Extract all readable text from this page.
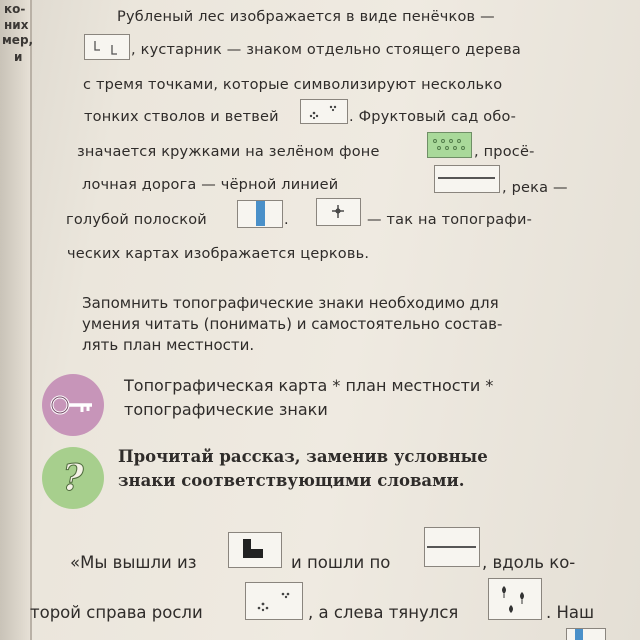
ко-
них
мер,
и
Рубленый лес изображается в виде пенёчков —
, кустарник — знаком отдельно стоящего дерева
с тремя точками, которые символизируют несколько
тонких стволов и ветвей	. Фруктовый сад обо-
значается кружками на зелёном фоне	, просё-
лочная дорога — чёрной линией	, река —
голубой полоской	.	— так на топографи-
ческих картах изображается церковь.
Запомнить топографические знаки необходимо для
умения читать (понимать) и самостоятельно состав-
лять план местности.
Топографическая карта * план местности *
топографические знаки
?
Прочитай рассказ, заменив условные
знаки соответствующими словами.
«Мы вышли из	и пошли по	, вдоль ко-
торой справа росли	, а слева тянулся	. Наш
